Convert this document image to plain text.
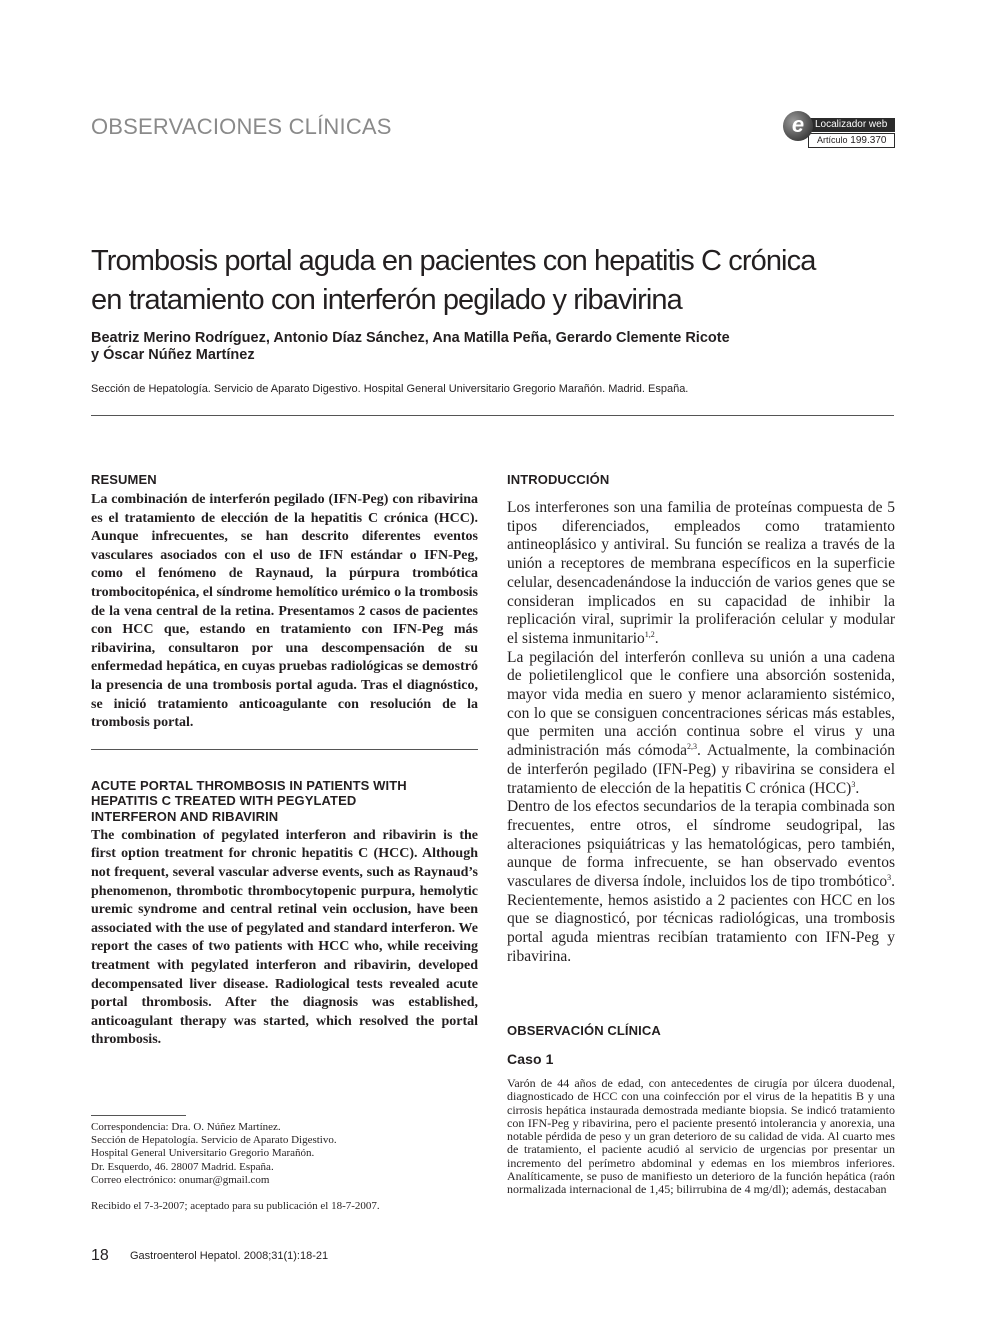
OBSERVACIONES CLÍNICAS	e	Localizador web
Artículo 199.370
Trombosis portal aguda en pacientes con hepatitis C crónica
en tratamiento con interferón pegilado y ribavirina

Beatriz Merino Rodríguez, Antonio Díaz Sánchez, Ana Matilla Peña, Gerardo Clemente Ricote
y Óscar Núñez Martínez

Sección de Hepatología. Servicio de Aparato Digestivo. Hospital General Universitario Gregorio Marañón. Madrid. España.

RESUMEN

La combinación de interferón pegilado (IFN-Peg) con ribavirina es el tratamiento de elección de la hepatitis C crónica (HCC). Aunque infrecuentes, se han descrito diferentes eventos vasculares asociados con el uso de IFN estándar o IFN-Peg, como el fenómeno de Raynaud, la púrpura trombótica trombocitopénica, el síndrome hemolítico urémico o la trombosis de la vena central de la retina. Presentamos 2 casos de pacientes con HCC que, estando en tratamiento con IFN-Peg más ribavirina, consultaron por una descompensación de su enfermedad hepática, en cuyas pruebas radiológicas se demostró la presencia de una trombosis portal aguda. Tras el diagnóstico, se inició tratamiento anticoagulante con resolución de la trombosis portal.

ACUTE PORTAL THROMBOSIS IN PATIENTS WITH
HEPATITIS C TREATED WITH PEGYLATED
INTERFERON AND RIBAVIRIN

The combination of pegylated interferon and ribavirin is the first option treatment for chronic hepatitis C (HCC). Although not frequent, several vascular adverse events, such as Raynaud’s phenomenon, thrombotic thrombocytopenic purpura, hemolytic uremic syndrome and central retinal vein occlusion, have been associated with the use of pegylated and standard interferon. We report the cases of two patients with HCC who, while receiving treatment with pegylated interferon and ribavirin, developed decompensated liver disease. Radiological tests revealed acute portal thrombosis. After the diagnosis was established, anticoagulant therapy was started, which resolved the portal thrombosis.

Correspondencia: Dra. O. Núñez Martínez.

Sección de Hepatología. Servicio de Aparato Digestivo.

Hospital General Universitario Gregorio Marañón.

Dr. Esquerdo, 46. 28007 Madrid. España.

Correo electrónico: onumar@gmail.com

Recibido el 7-3-2007; aceptado para su publicación el 18-7-2007.

INTRODUCCIÓN

Los interferones son una familia de proteínas compuesta de 5 tipos diferenciados, empleados como tratamiento antineoplásico y antiviral. Su función se realiza a través de la unión a receptores de membrana específicos en la superficie celular, desencadenándose la inducción de varios genes que se consideran implicados en su capacidad de inhibir la replicación viral, suprimir la proliferación celular y modular el sistema inmunitario$^{1,2}$.

La pegilación del interferón conlleva su unión a una cadena de polietilenglicol que le confiere una absorción sostenida, mayor vida media en suero y menor aclaramiento sistémico, con lo que se consiguen concentraciones séricas más estables, que permiten una acción continua sobre el virus y una administración más cómoda$^{2,3}$. Actualmente, la combinación de interferón pegilado (IFN-Peg) y ribavirina se considera el tratamiento de elección de la hepatitis C crónica (HCC)$^3$.

Dentro de los efectos secundarios de la terapia combinada son frecuentes, entre otros, el síndrome seudogripal, las alteraciones psiquiátricas y las hematológicas, pero también, aunque de forma infrecuente, se han observado eventos vasculares de diversa índole, incluidos los de tipo trombótico$^3$. Recientemente, hemos asistido a 2 pacientes con HCC en los que se diagnosticó, por técnicas radiológicas, una trombosis portal aguda mientras recibían tratamiento con IFN-Peg y ribavirina.

OBSERVACIÓN CLÍNICA
Caso 1

Varón de 44 años de edad, con antecedentes de cirugía por úlcera duodenal, diagnosticado de HCC con una coinfección por el virus de la hepatitis B y una cirrosis hepática instaurada demostrada mediante biopsia. Se indicó tratamiento con IFN-Peg y ribavirina, pero el paciente presentó intolerancia y anorexia, una notable pérdida de peso y un gran deterioro de su calidad de vida. Al cuarto mes de tratamiento, el paciente acudió al servicio de urgencias por presentar un incremento del perímetro abdominal y edemas en los miembros inferiores. Analíticamente, se puso de manifiesto un deterioro de la función hepática (raón normalizada internacional de 1,45; bilirrubina de 4 mg/dl); además, destacaban

18 Gastroenterol Hepatol. 2008;31(1):18-21
